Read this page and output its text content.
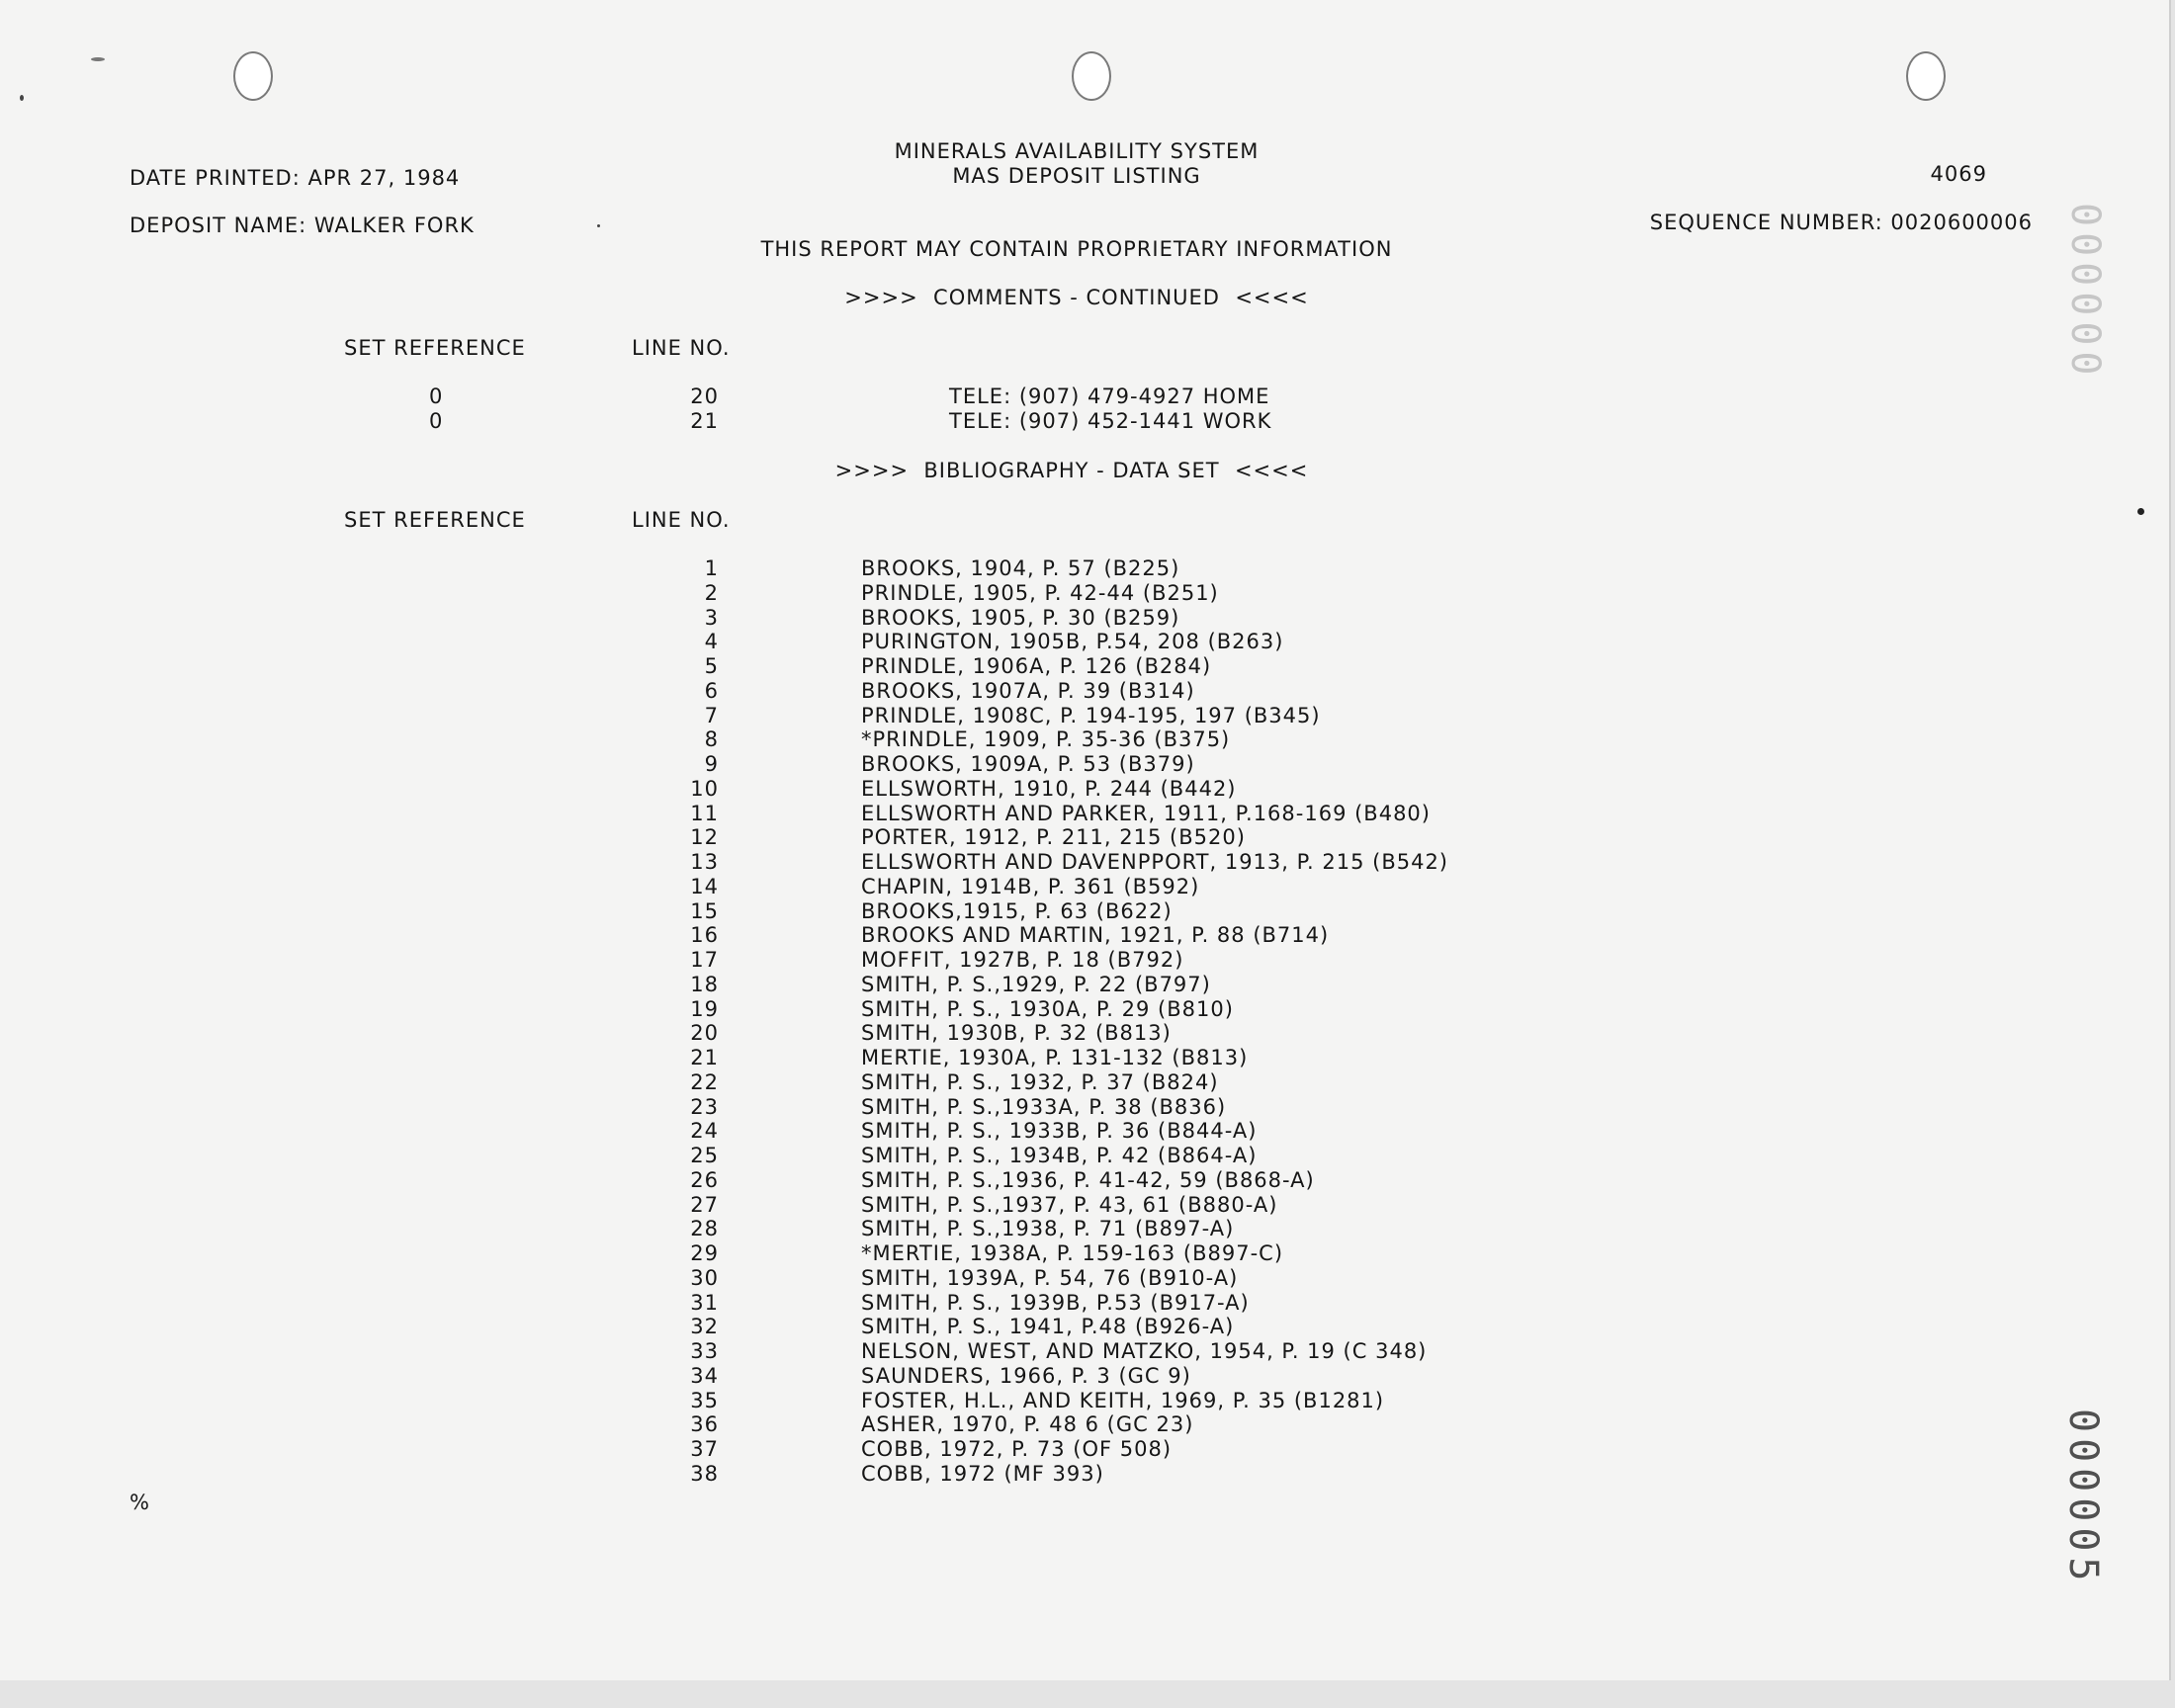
MINERALS AVAILABILITY SYSTEM
MAS DEPOSIT LISTING
DATE PRINTED: APR 27, 1984	4069
DEPOSIT NAME: WALKER FORK	SEQUENCE NUMBER: 0020600006
THIS REPORT MAY CONTAIN PROPRIETARY INFORMATION
>>>>  COMMENTS - CONTINUED  <<<<
SET REFERENCE	LINE NO.
0	20	TELE: (907) 479-4927 HOME
0	21	TELE: (907) 452-1441 WORK
>>>>  BIBLIOGRAPHY - DATA SET  <<<<
SET REFERENCE	LINE NO.
1	BROOKS, 1904, P. 57 (B225)
2	PRINDLE, 1905, P. 42-44 (B251)
3	BROOKS, 1905, P. 30 (B259)
4	PURINGTON, 1905B, P.54, 208 (B263)
5	PRINDLE, 1906A, P. 126 (B284)
6	BROOKS, 1907A, P. 39 (B314)
7	PRINDLE, 1908C, P. 194-195, 197 (B345)
8	*PRINDLE, 1909, P. 35-36 (B375)
9	BROOKS, 1909A, P. 53 (B379)
10	ELLSWORTH, 1910, P. 244 (B442)
11	ELLSWORTH AND PARKER, 1911, P.168-169 (B480)
12	PORTER, 1912, P. 211, 215 (B520)
13	ELLSWORTH AND DAVENPPORT, 1913, P. 215 (B542)
14	CHAPIN, 1914B, P. 361 (B592)
15	BROOKS,1915, P. 63 (B622)
16	BROOKS AND MARTIN, 1921, P. 88 (B714)
17	MOFFIT, 1927B, P. 18 (B792)
18	SMITH, P. S.,1929, P. 22 (B797)
19	SMITH, P. S., 1930A, P. 29 (B810)
20	SMITH, 1930B, P. 32 (B813)
21	MERTIE, 1930A, P. 131-132 (B813)
22	SMITH, P. S., 1932, P. 37 (B824)
23	SMITH, P. S.,1933A, P. 38 (B836)
24	SMITH, P. S., 1933B, P. 36 (B844-A)
25	SMITH, P. S., 1934B, P. 42 (B864-A)
26	SMITH, P. S.,1936, P. 41-42, 59 (B868-A)
27	SMITH, P. S.,1937, P. 43, 61 (B880-A)
28	SMITH, P. S.,1938, P. 71 (B897-A)
29	*MERTIE, 1938A, P. 159-163 (B897-C)
30	SMITH, 1939A, P. 54, 76 (B910-A)
31	SMITH, P. S., 1939B, P.53 (B917-A)
32	SMITH, P. S., 1941, P.48 (B926-A)
33	NELSON, WEST, AND MATZKO, 1954, P. 19 (C 348)
34	SAUNDERS, 1966, P. 3 (GC 9)
35	FOSTER, H.L., AND KEITH, 1969, P. 35 (B1281)
36	ASHER, 1970, P. 48 6 (GC 23)
37	COBB, 1972, P. 73 (OF 508)
38	COBB, 1972 (MF 393)
%	000005
000000
